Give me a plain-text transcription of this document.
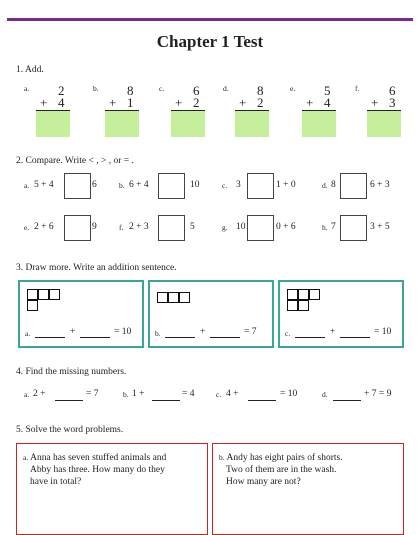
Chapter 1 Test
1. Add.
a. 2
+ 4
b. 8
+ 1
c. 6
+ 2
d. 8
+ 2
e. 5
+ 4
f. 6
+ 3
2. Compare. Write < , > , or = .
a. 5 + 4	6	b. 6 + 4	10	c. 3	1 + 0	d. 8	6 + 3
e. 2 + 6	9	f. 2 + 3	5	g. 10	0 + 6	h. 7	3 + 5
3. Draw more. Write an addition sentence.
a.	+	= 10	b.	+	= 7	c.	+	= 10
4. Find the missing numbers.
a. 2 +	= 7	b. 1 +	= 4	c. 4 +	= 10	d.	+ 7 = 9
5. Solve the word problems.
a. Anna has seven stuffed animals and
Abby has three. How many do they
have in total?
b. Andy has eight pairs of shorts.
Two of them are in the wash.
How many are not?
